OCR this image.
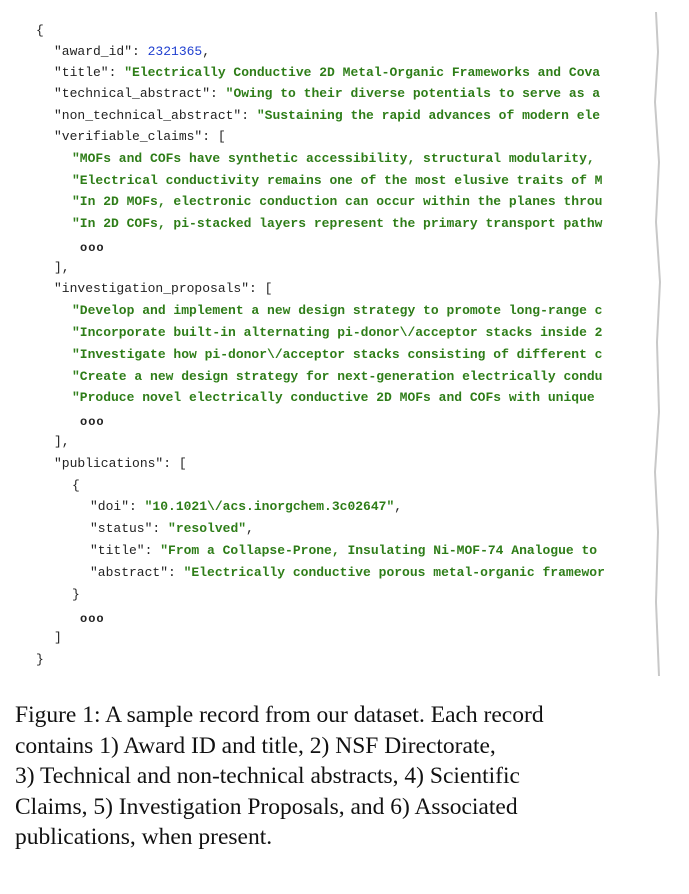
{
"award_id": 2321365,
"title": "Electrically Conductive 2D Metal-Organic Frameworks and Cova
"technical_abstract": "Owing to their diverse potentials to serve as a
"non_technical_abstract": "Sustaining the rapid advances of modern ele
"verifiable_claims": [
"MOFs and COFs have synthetic accessibility, structural modularity,
"Electrical conductivity remains one of the most elusive traits of M
"In 2D MOFs, electronic conduction can occur within the planes throu
"In 2D COFs, pi-stacked layers represent the primary transport pathw
ooo
],
"investigation_proposals": [
"Develop and implement a new design strategy to promote long-range c
"Incorporate built-in alternating pi-donor\/acceptor stacks inside 2
"Investigate how pi-donor\/acceptor stacks consisting of different c
"Create a new design strategy for next-generation electrically condu
"Produce novel electrically conductive 2D MOFs and COFs with unique
ooo
],
"publications": [
{
"doi": "10.1021\/acs.inorgchem.3c02647",
"status": "resolved",
"title": "From a Collapse-Prone, Insulating Ni-MOF-74 Analogue to
"abstract": "Electrically conductive porous metal-organic framewor
}
ooo
]
}
Figure 1: A sample record from our dataset. Each record
contains 1) Award ID and title, 2) NSF Directorate,
3) Technical and non-technical abstracts, 4) Scientific
Claims, 5) Investigation Proposals, and 6) Associated
publications, when present.
